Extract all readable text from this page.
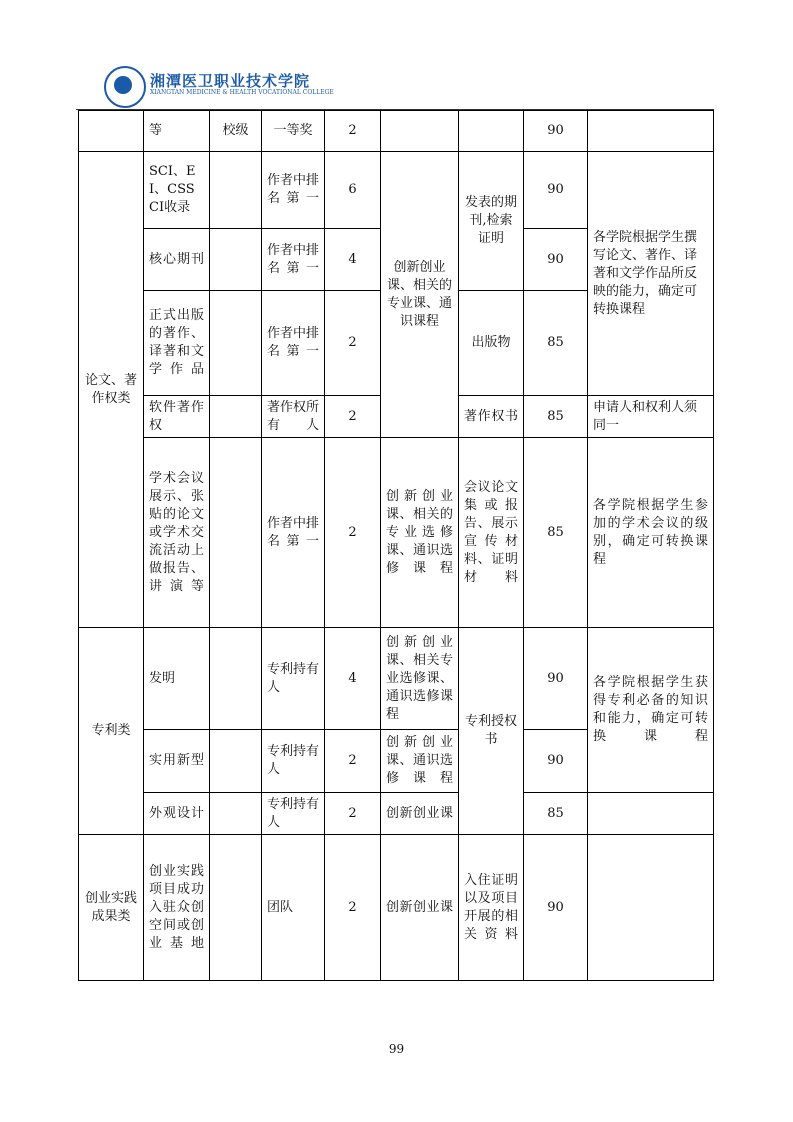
湘潭医卫职业技术学院
XIANGTAN MEDICINE & HEALTH VOCATIONAL COLLEGE
	等	校级	一等奖	2			90	
论文、著作权类	SCI、EI、CSSCI收录		作者中排名第一	6	创新创业课、相关的专业课、通识课程	发表的期刊,检索证明	90	各学院根据学生撰写论文、著作、译著和文学作品所反映的能力，确定可转换课程
	核心期刊		作者中排名第一	4			90	
	正式出版的著作、译著和文学作品		作者中排名第一	2		出版物	85	
	软件著作权		著作权所有人	2		著作权书	85	申请人和权利人须同一
	学术会议展示、张贴的论文或学术交流活动上做报告、讲演等		作者中排名第一	2	创新创业课、相关的专业选修课、通识选修课程	会议论文集或报告、展示宣传材料、证明材料	85	各学院根据学生参加的学术会议的级别，确定可转换课程
专利类	发明		专利持有人	4	创新创业课、相关专业选修课、通识选修课程	专利授权书	90	各学院根据学生获得专利必备的知识和能力，确定可转换课程
	实用新型		专利持有人	2	创新创业课、通识选修课程		90	
	外观设计		专利持有人	2	创新创业课		85	
创业实践成果类	创业实践项目成功入驻众创空间或创业基地		团队	2	创新创业课	入住证明以及项目开展的相关资料	90	
99
